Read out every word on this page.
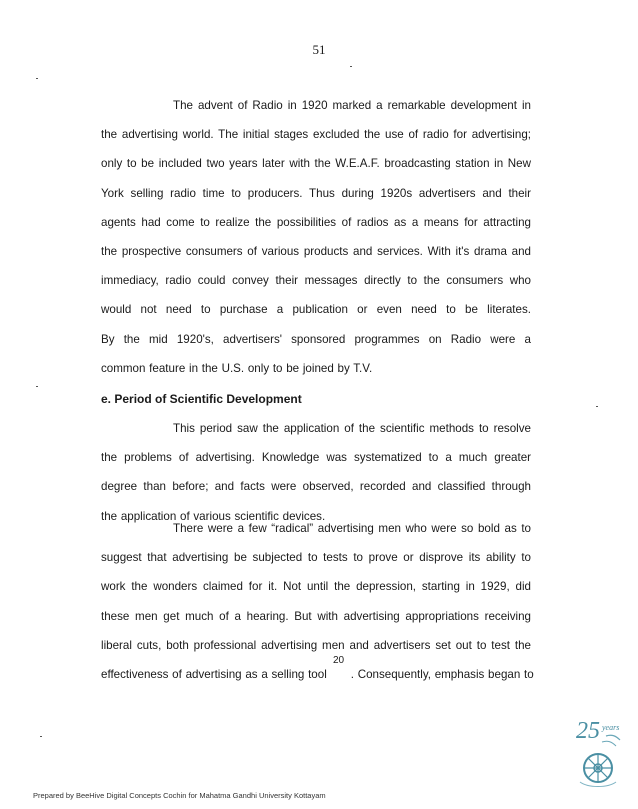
51
The advent of Radio in 1920 marked a remarkable development in
the advertising world. The initial stages excluded the use of radio for advertising;
only to be included two years later with the W.E.A.F. broadcasting station in New
York selling radio time to producers. Thus during 1920s advertisers and their
agents had come to realize the possibilities of radios as a means for attracting
the prospective consumers of various products and services. With it's drama and
immediacy, radio could convey their messages directly to the consumers who
would not need to purchase a publication or even need to be literates.
By the mid 1920's, advertisers' sponsored programmes on Radio were a
common feature in the U.S. only to be joined by T.V.
e. Period of Scientific Development
This period saw the application of the scientific methods to resolve
the problems of advertising. Knowledge was systematized to a much greater
degree than before; and facts were observed, recorded and classified through
the application of various scientific devices.
There were a few “radical” advertising men who were so bold as to
suggest that advertising be subjected to tests to prove or disprove its ability to
work the wonders claimed for it. Not until the depression, starting in 1929, did
these men get much of a hearing. But with advertising appropriations receiving
liberal cuts, both professional advertising men and advertisers set out to test the
effectiveness of advertising as a selling tool . Consequently, emphasis began to
20
25 years
Prepared by BeeHive Digital Concepts Cochin for Mahatma Gandhi University Kottayam
